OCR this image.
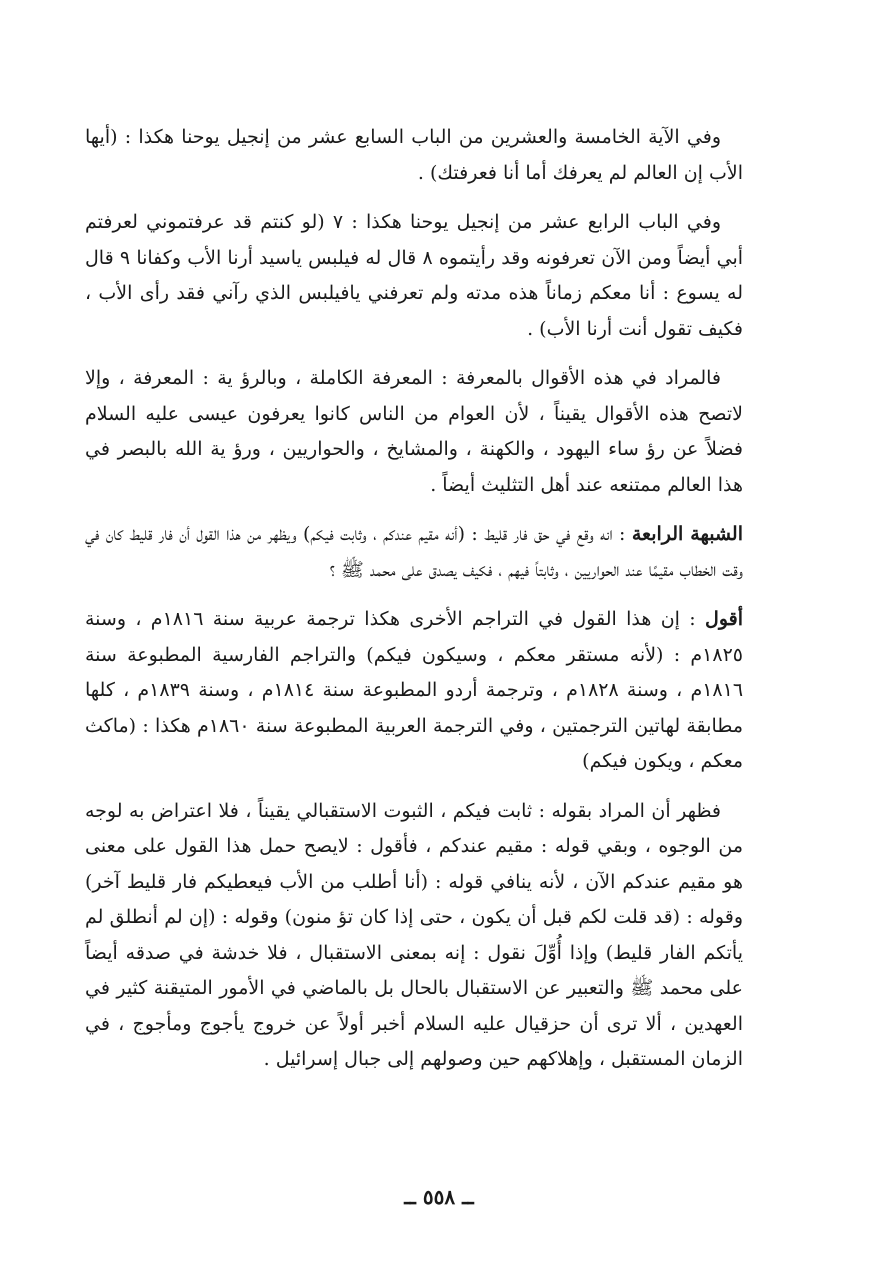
وفي الآية الخامسة والعشرين من الباب السابع عشر من إنجيل يوحنا هكذا : (أيها الأب إن العالم لم يعرفك أما أنا فعرفتك) .

وفي الباب الرابع عشر من إنجيل يوحنا هكذا : ٧ (لو كنتم قد عرفتموني لعرفتم أبي أيضاً ومن الآن تعرفونه وقد رأيتموه ٨ قال له فيلبس ياسيد أرنا الأب وكفانا ٩ قال له يسوع : أنا معكم زماناً هذه مدته ولم تعرفني يافيلبس الذي رآني فقد رأى الأب ، فكيف تقول أنت أرنا الأب) .

فالمراد في هذه الأقوال بالمعرفة : المعرفة الكاملة ، وبالرؤ ية : المعرفة ، وإلا لاتصح هذه الأقوال يقيناً ، لأن العوام من الناس كانوا يعرفون عيسى عليه السلام فضلاً عن رؤ ساء اليهود ، والكهنة ، والمشايخ ، والحواريين ، ورؤ ية الله بالبصر في هذا العالم ممتنعه عند أهل التثليث أيضاً .

الشبهة الرابعة : انه وقع في حق فار قليط : (أنه مقيم عندكم ، وثابت فيكم) ويظهر من هذا القول أن فار قليط كان في وقت الخطاب مقيمًا عند الحواريين ، وثابتاً فيهم ، فكيف يصدق على محمد ﷺ ؟

أقول : إن هذا القول في التراجم الأخرى هكذا ترجمة عربية سنة ١٨١٦م ، وسنة ١٨٢٥م : (لأنه مستقر معكم ، وسيكون فيكم) والتراجم الفارسية المطبوعة سنة ١٨١٦م ، وسنة ١٨٢٨م ، وترجمة أردو المطبوعة سنة ١٨١٤م ، وسنة ١٨٣٩م ، كلها مطابقة لهاتين الترجمتين ، وفي الترجمة العربية المطبوعة سنة ١٨٦٠م هكذا : (ماكث معكم ، ويكون فيكم)

فظهر أن المراد بقوله : ثابت فيكم ، الثبوت الاستقبالي يقيناً ، فلا اعتراض به لوجه من الوجوه ، وبقي قوله : مقيم عندكم ، فأقول : لايصح حمل هذا القول على معنى هو مقيم عندكم الآن ، لأنه ينافي قوله : (أنا أطلب من الأب فيعطيكم فار قليط آخر) وقوله : (قد قلت لكم قبل أن يكون ، حتى إذا كان تؤ منون) وقوله : (إن لم أنطلق لم يأتكم الفار قليط) وإذا أُوِّلَ نقول : إنه بمعنى الاستقبال ، فلا خدشة في صدقه أيضاً على محمد ﷺ والتعبير عن الاستقبال بالحال بل بالماضي في الأمور المتيقنة كثير في العهدين ، ألا ترى أن حزقيال عليه السلام أخبر أولاً عن خروج يأجوج ومأجوج ، في الزمان المستقبل ، وإهلاكهم حين وصولهم إلى جبال إسرائيل .

ــ ٥٥٨ ــ
